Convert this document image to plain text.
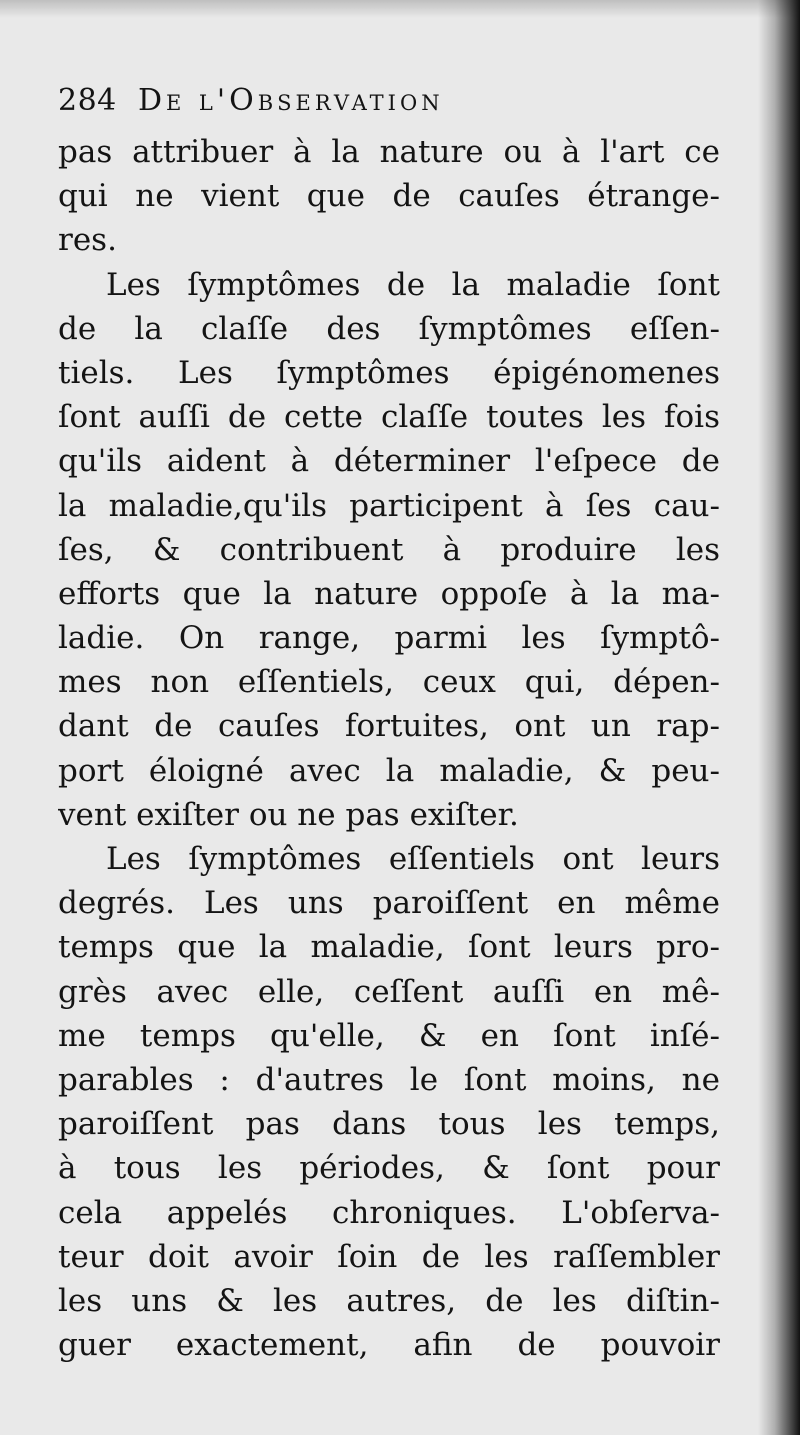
284 De l'Observation
pas attribuer à la nature ou à l'art ce
qui ne vient que de cauſes étrange-
res.
Les ſymptômes de la maladie ſont
de la claſſe des ſymptômes eſſen-
tiels. Les ſymptômes épigénomenes
ſont auſſi de cette claſſe toutes les fois
qu'ils aident à déterminer l'eſpece de
la maladie,qu'ils participent à ſes cau-
ſes, & contribuent à produire les
efforts que la nature oppoſe à la ma-
ladie. On range, parmi les ſymptô-
mes non eſſentiels, ceux qui, dépen-
dant de cauſes fortuites, ont un rap-
port éloigné avec la maladie, & peu-
vent exiſter ou ne pas exiſter.
Les ſymptômes eſſentiels ont leurs
degrés. Les uns paroiſſent en même
temps que la maladie, ſont leurs pro-
grès avec elle, ceſſent auſſi en mê-
me temps qu'elle, & en ſont inſé-
parables : d'autres le ſont moins, ne
paroiſſent pas dans tous les temps,
à tous les périodes, & ſont pour
cela appelés chroniques. L'obſerva-
teur doit avoir ſoin de les raſſembler
les uns & les autres, de les diſtin-
guer exactement, afin de pouvoir
